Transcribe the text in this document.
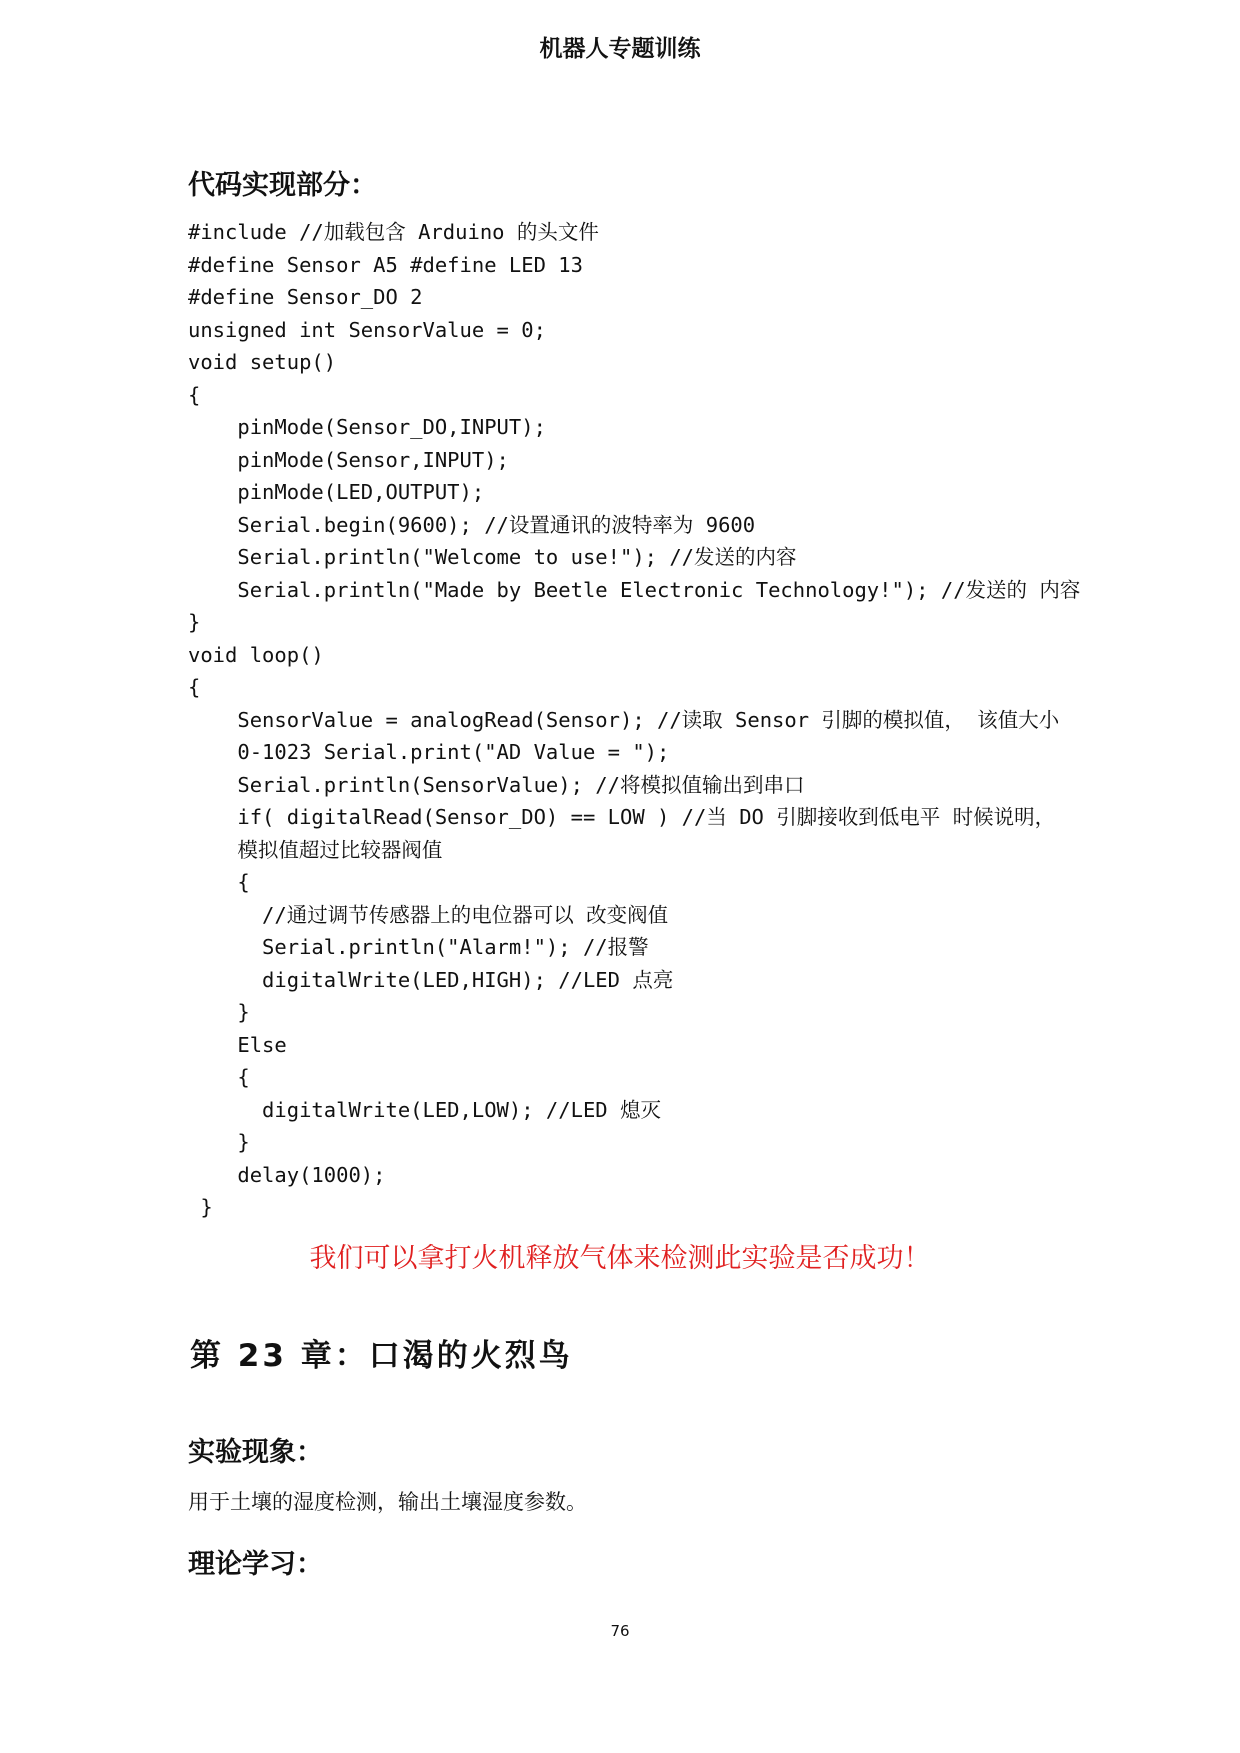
机器人专题训练
代码实现部分：
#include //加载包含 Arduino 的头文件
#define Sensor A5 #define LED 13
#define Sensor_DO 2
unsigned int SensorValue = 0;
void setup()
{
pinMode(Sensor_DO,INPUT);
pinMode(Sensor,INPUT);
pinMode(LED,OUTPUT);
Serial.begin(9600); //设置通讯的波特率为 9600
Serial.println("Welcome to use!"); //发送的内容
Serial.println("Made by Beetle Electronic Technology!"); //发送的 内容
}
void loop()
{
SensorValue = analogRead(Sensor); //读取 Sensor 引脚的模拟值， 该值大小
0-1023 Serial.print("AD Value = ");
Serial.println(SensorValue); //将模拟值输出到串口
if( digitalRead(Sensor_DO) == LOW ) //当 DO 引脚接收到低电平 时候说明，
模拟值超过比较器阀值
{
//通过调节传感器上的电位器可以 改变阀值
Serial.println("Alarm!"); //报警
digitalWrite(LED,HIGH); //LED 点亮
}
Else
{
digitalWrite(LED,LOW); //LED 熄灭
}
delay(1000);
}
我们可以拿打火机释放气体来检测此实验是否成功！
第 23 章：口渴的火烈鸟
实验现象：
用于土壤的湿度检测，输出土壤湿度参数。
理论学习：
76
